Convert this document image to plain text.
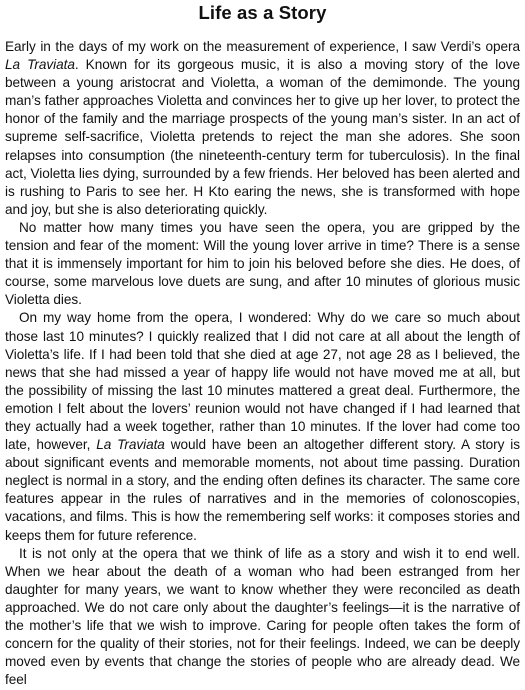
Life as a Story

Early in the days of my work on the measurement of experience, I saw Verdi’s opera La Traviata. Known for its gorgeous music, it is also a moving story of the love between a young aristocrat and Violetta, a woman of the demimonde. The young man’s father approaches Violetta and convinces her to give up her lover, to protect the honor of the family and the marriage prospects of the young man’s sister. In an act of supreme self-sacrifice, Violetta pretends to reject the man she adores. She soon relapses into consumption (the nineteenth-century term for tuberculosis). In the final act, Violetta lies dying, surrounded by a few friends. Her beloved has been alerted and is rushing to Paris to see her. H Kto earing the news, she is transformed with hope and joy, but she is also deteriorating quickly.

No matter how many times you have seen the opera, you are gripped by the tension and fear of the moment: Will the young lover arrive in time? There is a sense that it is immensely important for him to join his beloved before she dies. He does, of course, some marvelous love duets are sung, and after 10 minutes of glorious music Violetta dies.

On my way home from the opera, I wondered: Why do we care so much about those last 10 minutes? I quickly realized that I did not care at all about the length of Violetta’s life. If I had been told that she died at age 27, not age 28 as I believed, the news that she had missed a year of happy life would not have moved me at all, but the possibility of missing the last 10 minutes mattered a great deal. Furthermore, the emotion I felt about the lovers’ reunion would not have changed if I had learned that they actually had a week together, rather than 10 minutes. If the lover had come too late, however, La Traviata would have been an altogether different story. A story is about significant events and memorable moments, not about time passing. Duration neglect is normal in a story, and the ending often defines its character. The same core features appear in the rules of narratives and in the memories of colonoscopies, vacations, and films. This is how the remembering self works: it composes stories and keeps them for future reference.

It is not only at the opera that we think of life as a story and wish it to end well. When we hear about the death of a woman who had been estranged from her daughter for many years, we want to know whether they were reconciled as death approached. We do not care only about the daughter’s feelings—it is the narrative of the mother’s life that we wish to improve. Caring for people often takes the form of concern for the quality of their stories, not for their feelings. Indeed, we can be deeply moved even by events that change the stories of people who are already dead. We feel
